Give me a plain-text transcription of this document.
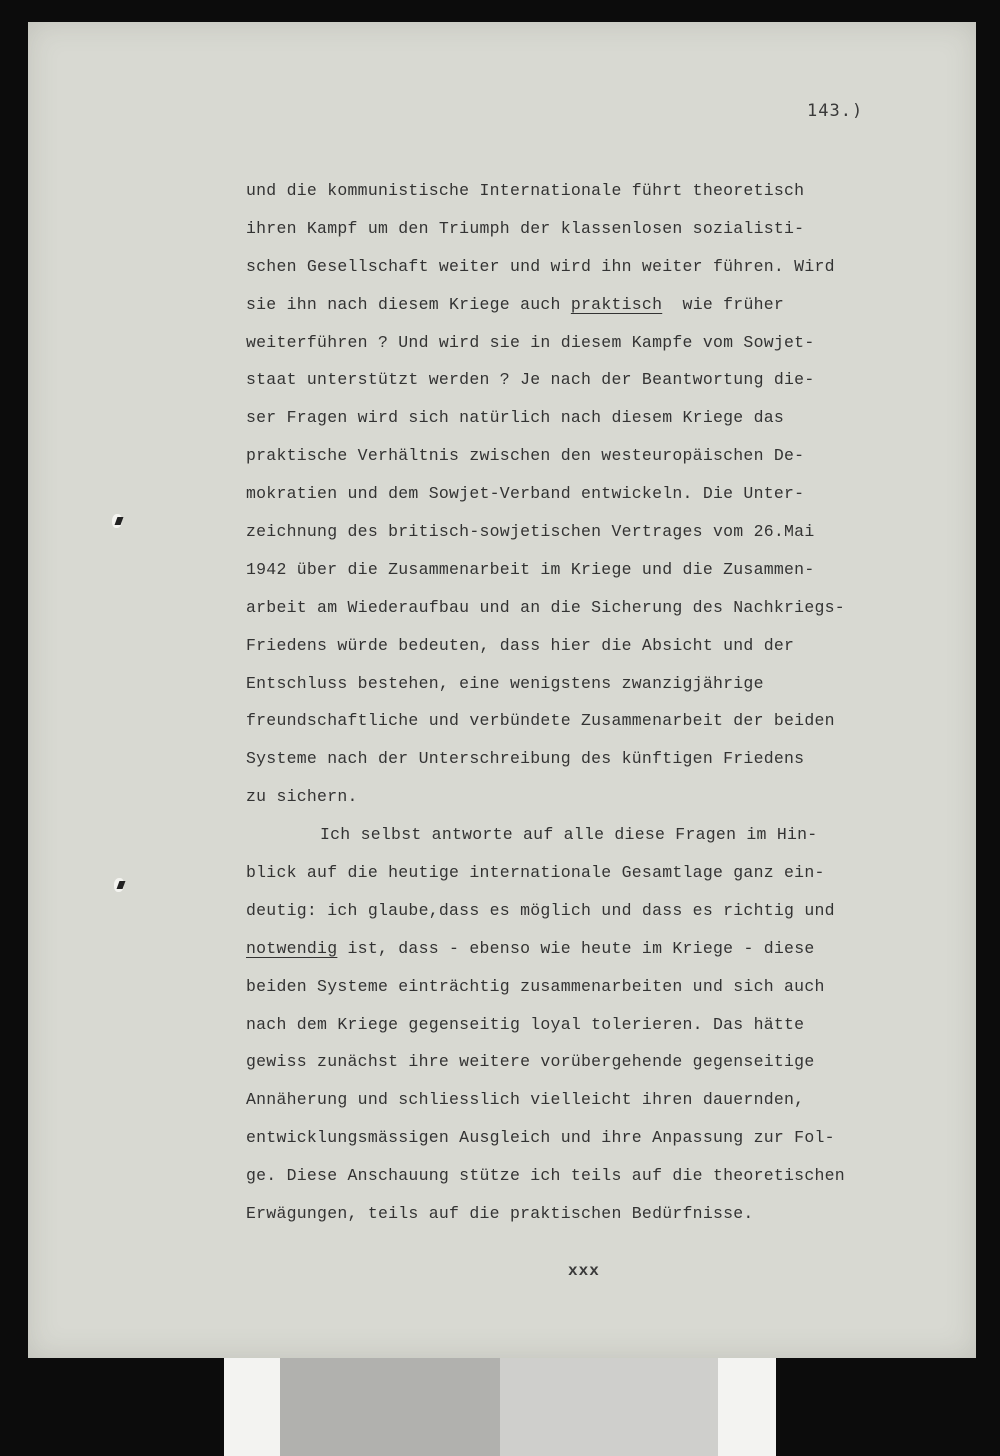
143.)
und die kommunistische Internationale führt theoretisch
ihren Kampf um den Triumph der klassenlosen sozialisti-
schen Gesellschaft weiter und wird ihn weiter führen. Wird
sie ihn nach diesem Kriege auch praktisch  wie früher
weiterführen ? Und wird sie in diesem Kampfe vom Sowjet-
staat unterstützt werden ? Je nach der Beantwortung die-
ser Fragen wird sich natürlich nach diesem Kriege das
praktische Verhältnis zwischen den westeuropäischen De-
mokratien und dem Sowjet-Verband entwickeln. Die Unter-
zeichnung des britisch-sowjetischen Vertrages vom 26.Mai
1942 über die Zusammenarbeit im Kriege und die Zusammen-
arbeit am Wiederaufbau und an die Sicherung des Nachkriegs-
Friedens würde bedeuten, dass hier die Absicht und der
Entschluss bestehen, eine wenigstens zwanzigjährige
freundschaftliche und verbündete Zusammenarbeit der beiden
Systeme nach der Unterschreibung des künftigen Friedens
zu sichern.
Ich selbst antworte auf alle diese Fragen im Hin-
blick auf die heutige internationale Gesamtlage ganz ein-
deutig: ich glaube,dass es möglich und dass es richtig und
notwendig ist, dass - ebenso wie heute im Kriege - diese
beiden Systeme einträchtig zusammenarbeiten und sich auch
nach dem Kriege gegenseitig loyal tolerieren. Das hätte
gewiss zunächst ihre weitere vorübergehende gegenseitige
Annäherung und schliesslich vielleicht ihren dauernden,
entwicklungsmässigen Ausgleich und ihre Anpassung zur Fol-
ge. Diese Anschauung stütze ich teils auf die theoretischen
Erwägungen, teils auf die praktischen Bedürfnisse.
xxx
